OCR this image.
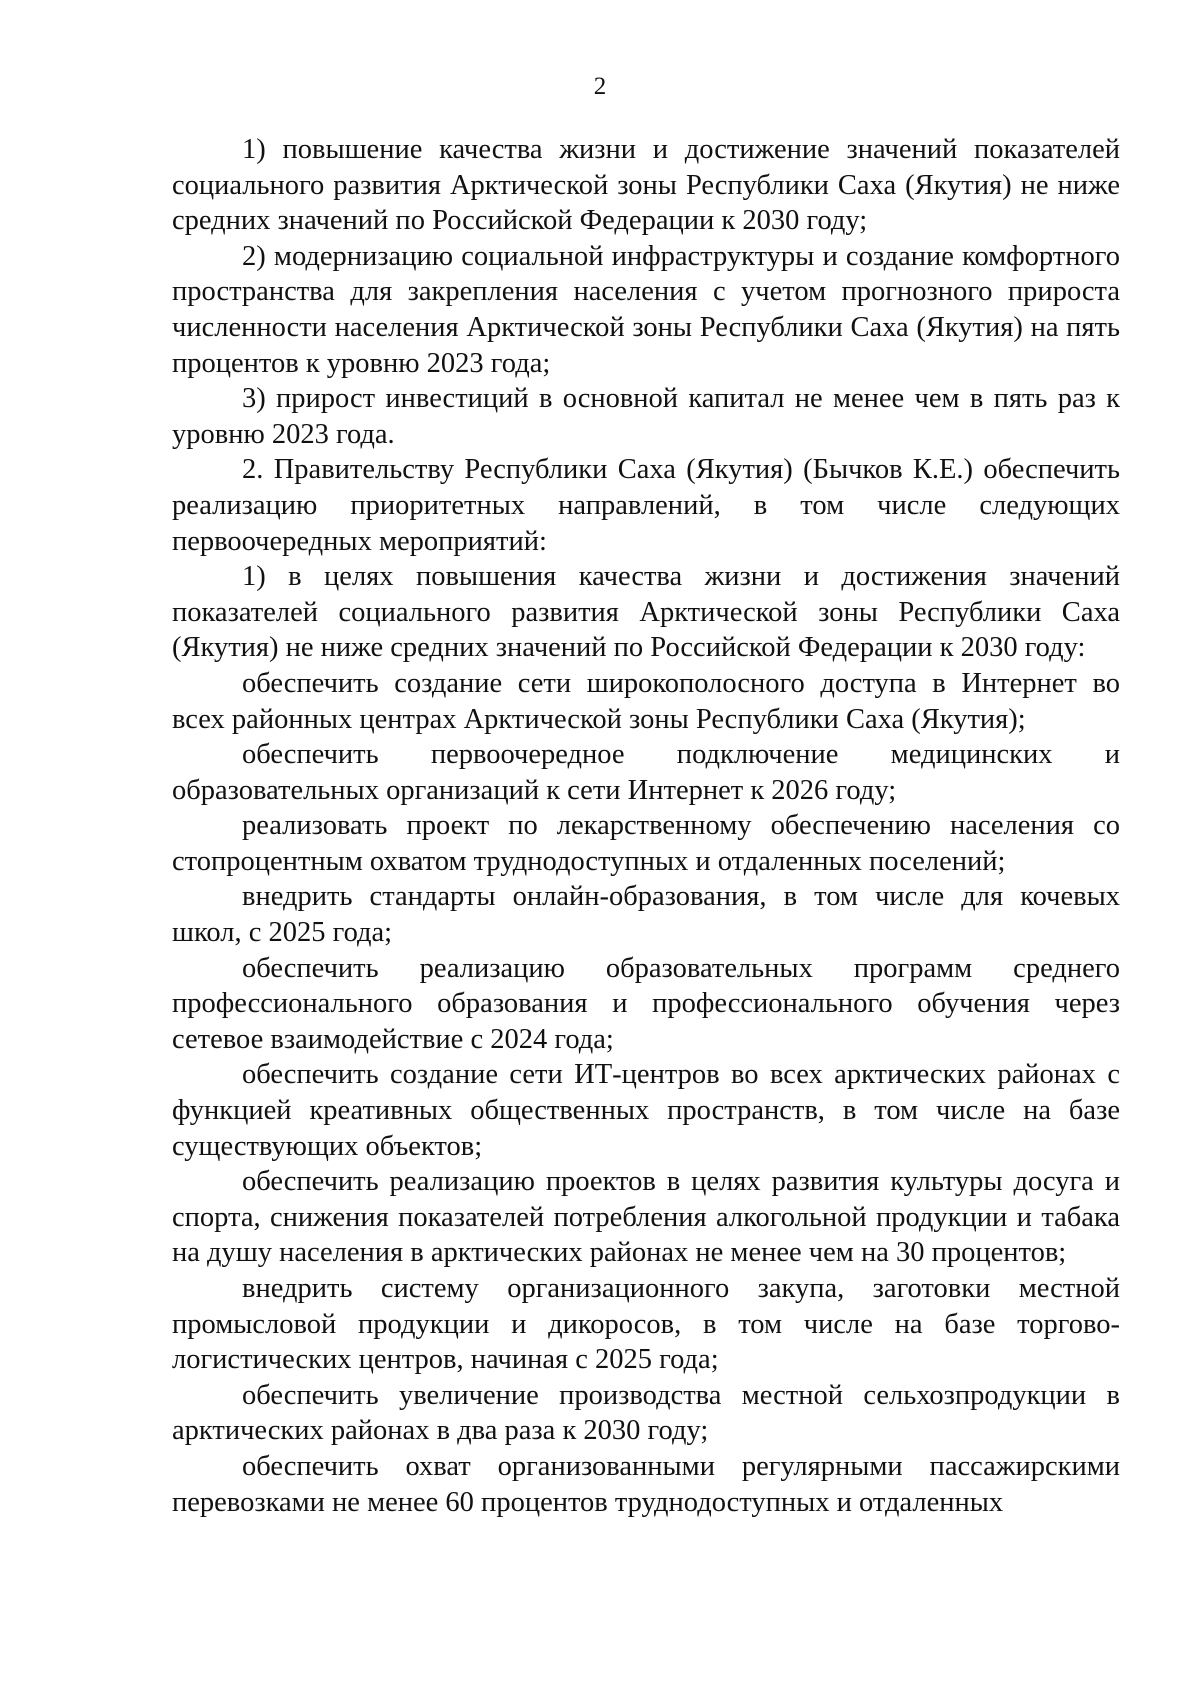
2

1) повышение качества жизни и достижение значений показателей социального развития Арктической зоны Республики Саха (Якутия) не ниже средних значений по Российской Федерации к 2030 году;

2) модернизацию социальной инфраструктуры и создание комфортного пространства для закрепления населения с учетом прогнозного прироста численности населения Арктической зоны Республики Саха (Якутия) на пять процентов к уровню 2023 года;

3) прирост инвестиций в основной капитал не менее чем в пять раз к уровню 2023 года.

2. Правительству Республики Саха (Якутия) (Бычков К.Е.) обеспечить реализацию приоритетных направлений, в том числе следующих первоочередных мероприятий:

1) в целях повышения качества жизни и достижения значений показателей социального развития Арктической зоны Республики Саха (Якутия) не ниже средних значений по Российской Федерации к 2030 году:

обеспечить создание сети широкополосного доступа в Интернет во всех районных центрах Арктической зоны Республики Саха (Якутия);

обеспечить первоочередное подключение медицинских и образовательных организаций к сети Интернет к 2026 году;

реализовать проект по лекарственному обеспечению населения со стопроцентным охватом труднодоступных и отдаленных поселений;

внедрить стандарты онлайн-образования, в том числе для кочевых школ, с 2025 года;

обеспечить реализацию образовательных программ среднего профессионального образования и профессионального обучения через сетевое взаимодействие с 2024 года;

обеспечить создание сети ИТ-центров во всех арктических районах с функцией креативных общественных пространств, в том числе на базе существующих объектов;

обеспечить реализацию проектов в целях развития культуры досуга и спорта, снижения показателей потребления алкогольной продукции и табака на душу населения в арктических районах не менее чем на 30 процентов;

внедрить систему организационного закупа, заготовки местной промысловой продукции и дикоросов, в том числе на базе торгово-логистических центров, начиная с 2025 года;

обеспечить увеличение производства местной сельхозпродукции в арктических районах в два раза к 2030 году;

обеспечить охват организованными регулярными пассажирскими перевозками не менее 60 процентов труднодоступных и отдаленных
